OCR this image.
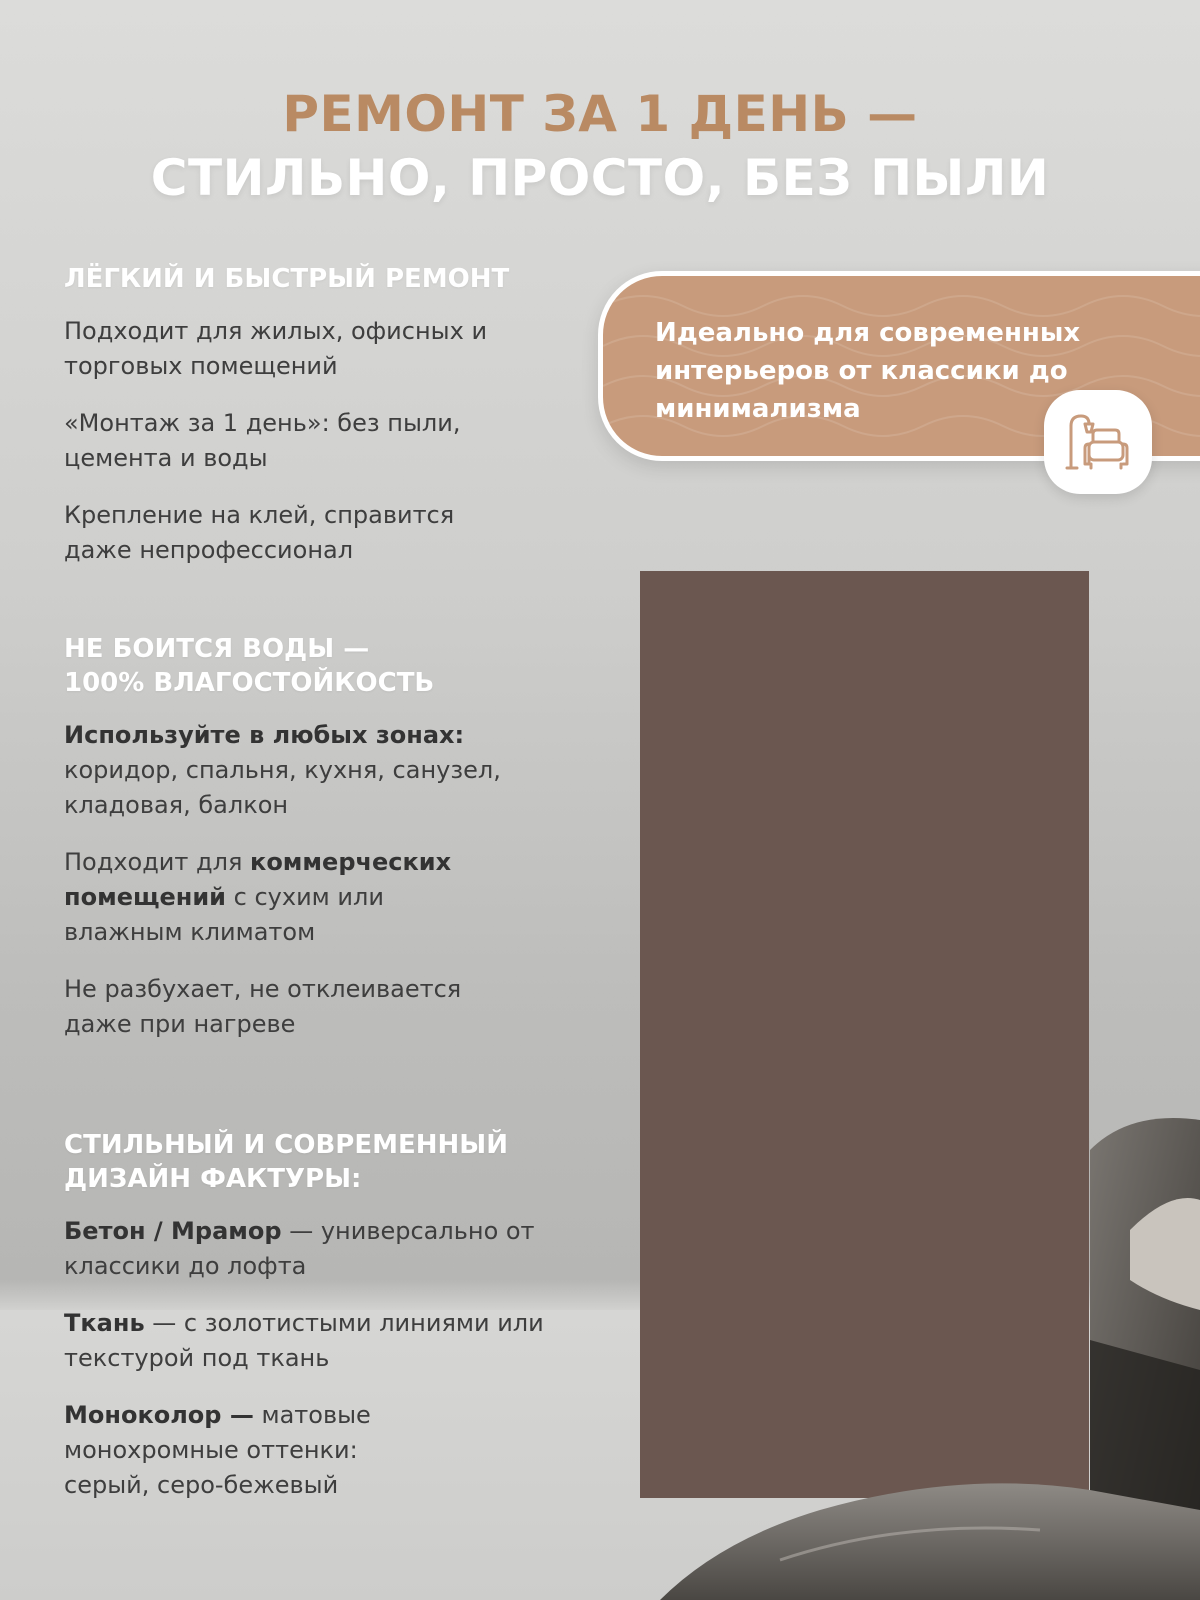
РЕМОНТ ЗА 1 ДЕНЬ —
СТИЛЬНО, ПРОСТО, БЕЗ ПЫЛИ
ЛЁГКИЙ И БЫСТРЫЙ РЕМОНТ
Подходит для жилых, офисных и торговых помещений
«Монтаж за 1 день»: без пыли, цемента и воды
Крепление на клей, справится даже непрофессионал
НЕ БОИТСЯ ВОДЫ —
100% ВЛАГОСТОЙКОСТЬ
Используйте в любых зонах: коридор, спальня, кухня, санузел, кладовая, балкон
Подходит для коммерческих помещений с сухим или влажным климатом
Не разбухает, не отклеивается даже при нагреве
СТИЛЬНЫЙ И СОВРЕМЕННЫЙ
ДИЗАЙН ФАКТУРЫ:
Бетон / Мрамор — универсально от классики до лофта
Ткань — с золотистыми линиями или текстурой под ткань
Моноколор — матовые монохромные оттенки: серый, серо-бежевый
Идеально для современных интерьеров от классики до минимализма
